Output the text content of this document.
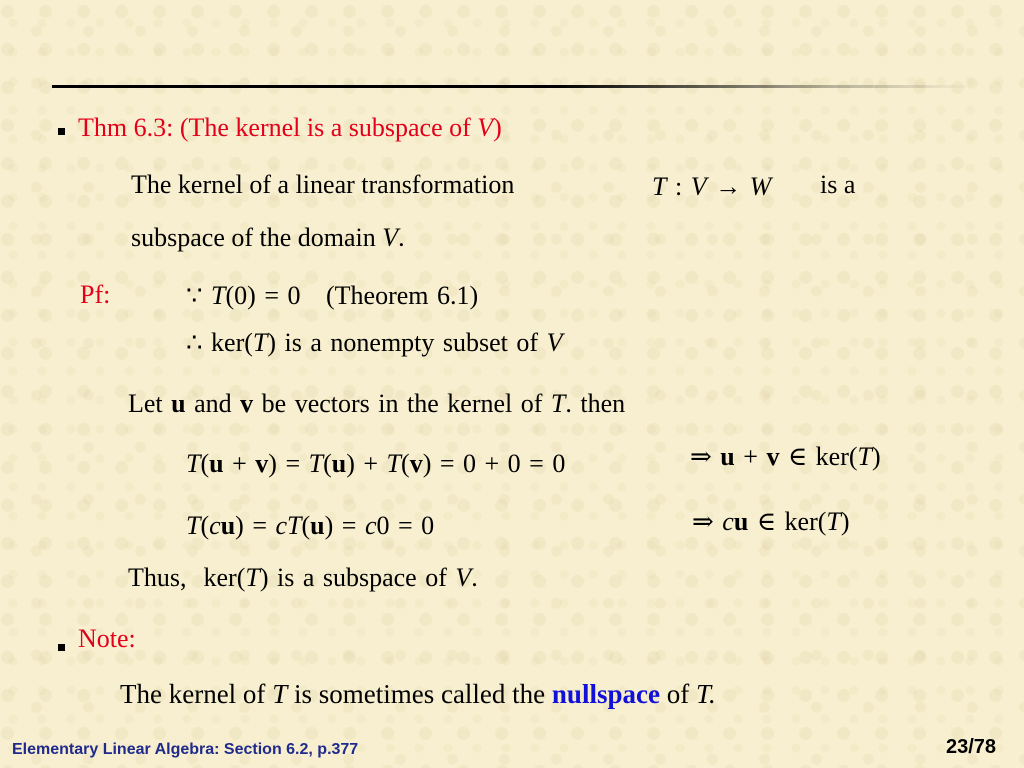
Thm 6.3: (The kernel is a subspace of V)
The kernel of a linear transformation	T : V → W is a
subspace of the domain V.
Pf:	∵ T(0) = 0   (Theorem 6.1)
∴ ker(T) is a nonempty subset of V
Let u and v be vectors in the kernel of T. then
T(u + v) = T(u) + T(v) = 0 + 0 = 0	⇒ u + v ∈ ker(T)
T(cu) = cT(u) = c0 = 0	⇒ cu ∈ ker(T)
Thus,  ker(T) is a subspace of V.
Note:
The kernel of T is sometimes called the nullspace of T.
Elementary Linear Algebra: Section 6.2, p.377	23/78
